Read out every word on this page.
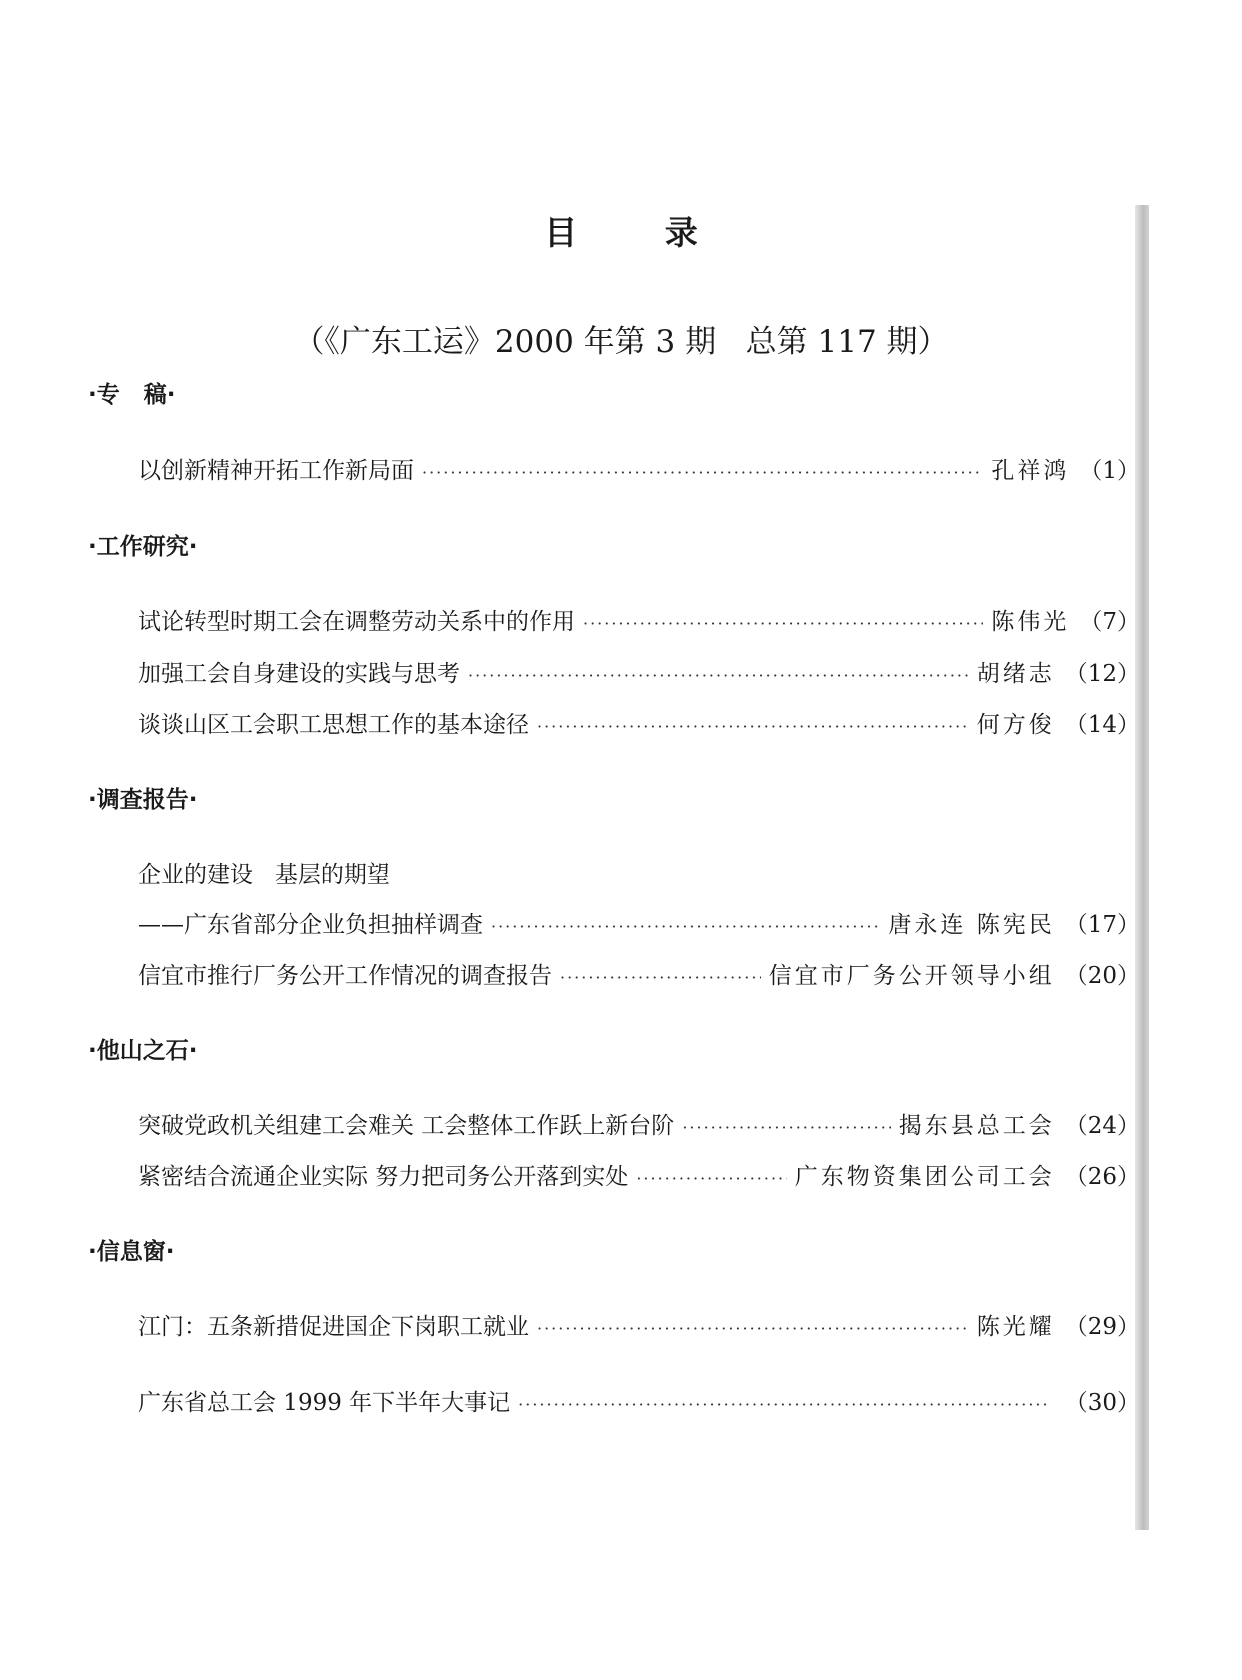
目 录
（《广东工运》2000 年第 3 期   总第 117 期）
·专   稿·
以创新精神开拓工作新局面 ·····	孔祥鸿 （1）
·工作研究·
试论转型时期工会在调整劳动关系中的作用 ·····	陈伟光 （7）
加强工会自身建设的实践与思考 ·····	胡绪志 （12）
谈谈山区工会职工思想工作的基本途径 ·····	何方俊 （14）
·调查报告·
企业的建设   基层的期望
——广东省部分企业负担抽样调查 ·····	唐永连 陈宪民 （17）
信宜市推行厂务公开工作情况的调查报告 ·····	信宜市厂务公开领导小组 （20）
·他山之石·
突破党政机关组建工会难关 工会整体工作跃上新台阶 ·····	揭东县总工会 （24）
紧密结合流通企业实际 努力把司务公开落到实处 ·····	广东物资集团公司工会 （26）
·信息窗·
江门：五条新措促进国企下岗职工就业 ·····	陈光耀 （29）
广东省总工会 1999 年下半年大事记 ·····	（30）
